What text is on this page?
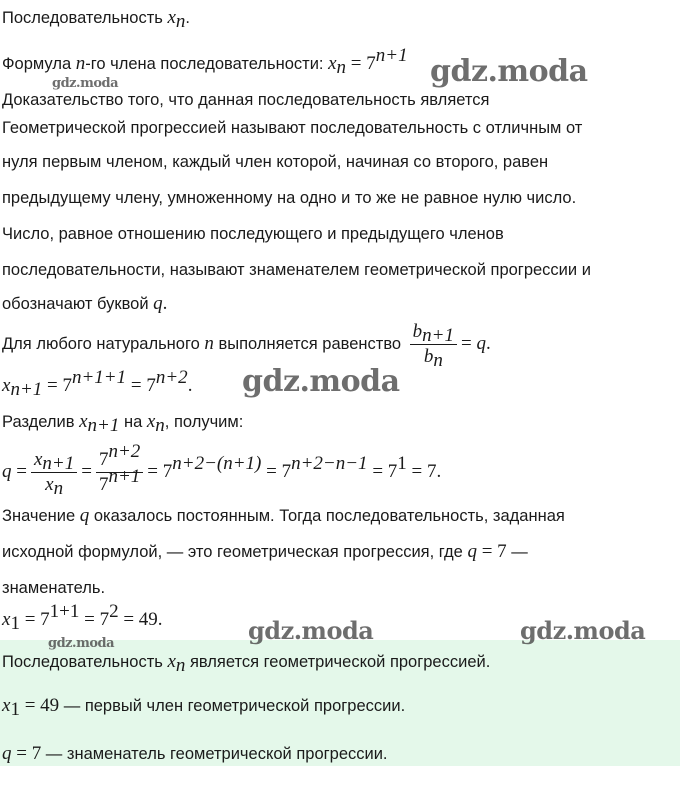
Последовательность $x_n$.
Формула n-го члена последовательности: $x_n = 7^{n+1}$
Доказательство того, что данная последовательность является
Геометрической прогрессией называют последовательность с отличным от
нуля первым членом, каждый член которой, начиная со второго, равен
предыдущему члену, умноженному на одно и то же не равное нулю число.
Число, равное отношению последующего и предыдущего членов
последовательности, называют знаменателем геометрической прогрессии и
обозначают буквой q.
Для любого натурального n выполняется равенство $\frac{b_{n+1}}{b_n} = q$.
$x_{n+1} = 7^{n+1+1} = 7^{n+2}$.
Разделив $x_{n+1}$ на $x_n$, получим:
$q = \frac{x_{n+1}}{x_n} = \frac{7^{n+2}}{7^{n+1}} = 7^{n+2-(n+1)} = 7^{n+2-n-1} = 7^1 = 7$.
Значение q оказалось постоянным. Тогда последовательность, заданная
исходной формулой, — это геометрическая прогрессия, где q = 7 —
знаменатель.
$x_1 = 7^{1+1} = 7^2 = 49$.
Последовательность $x_n$ является геометрической прогрессией.
$x_1 = 49$ — первый член геометрической прогрессии.
q = 7 — знаменатель геометрической прогрессии.
gdz.moda
gdz.moda
gdz.moda
gdz.moda	gdz.moda
gdz.moda
